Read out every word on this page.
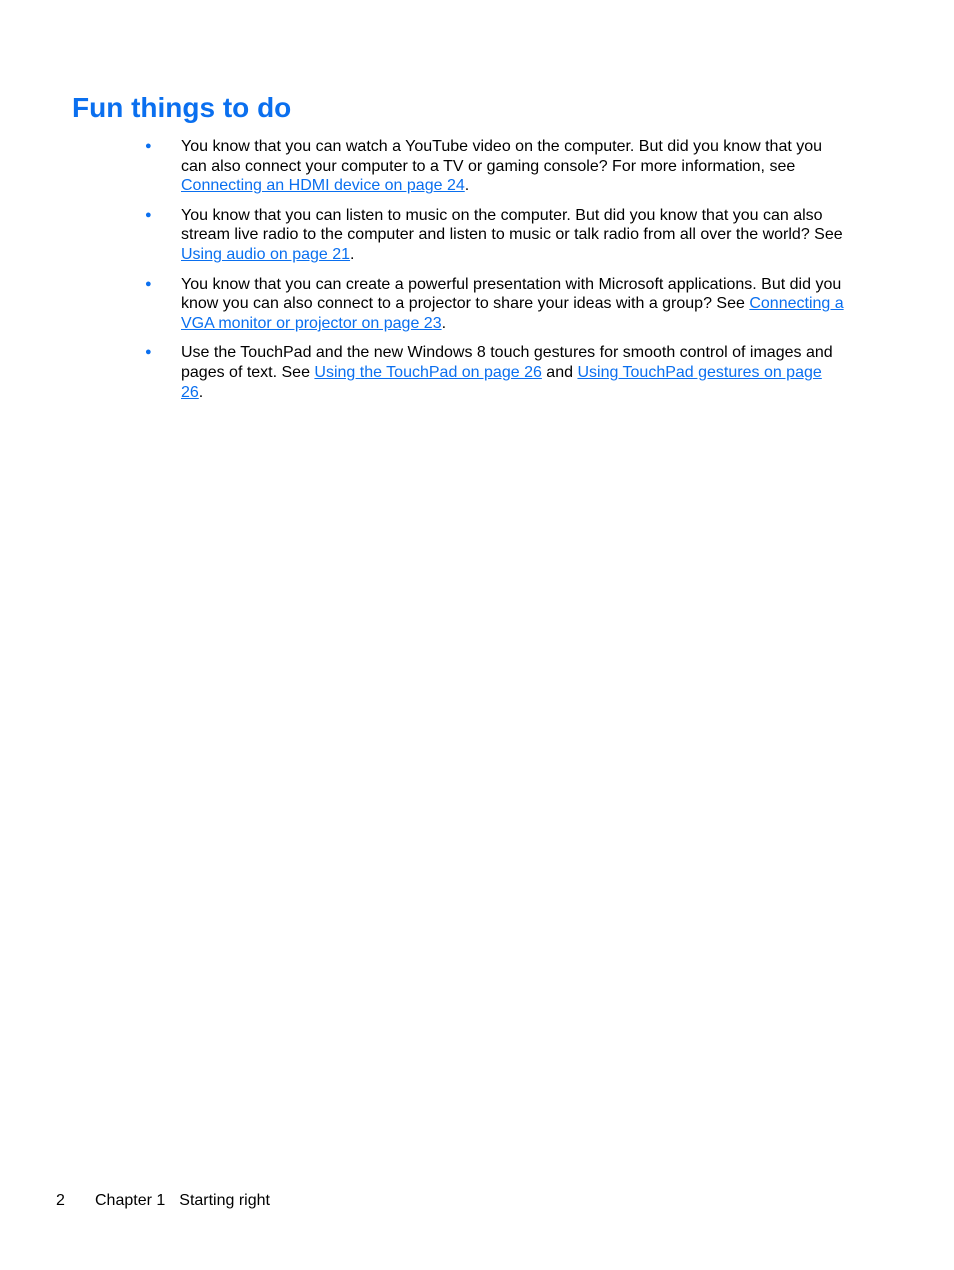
Fun things to do
●	You know that you can watch a YouTube video on the computer. But did you know that you can also connect your computer to a TV or gaming console? For more information, see Connecting an HDMI device on page 24.
●	You know that you can listen to music on the computer. But did you know that you can also stream live radio to the computer and listen to music or talk radio from all over the world? See Using audio on page 21.
●	You know that you can create a powerful presentation with Microsoft applications. But did you know you can also connect to a projector to share your ideas with a group? See Connecting a VGA monitor or projector on page 23.
●	Use the TouchPad and the new Windows 8 touch gestures for smooth control of images and pages of text. See Using the TouchPad on page 26 and Using TouchPad gestures on page 26.
2 Chapter 1 Starting right
